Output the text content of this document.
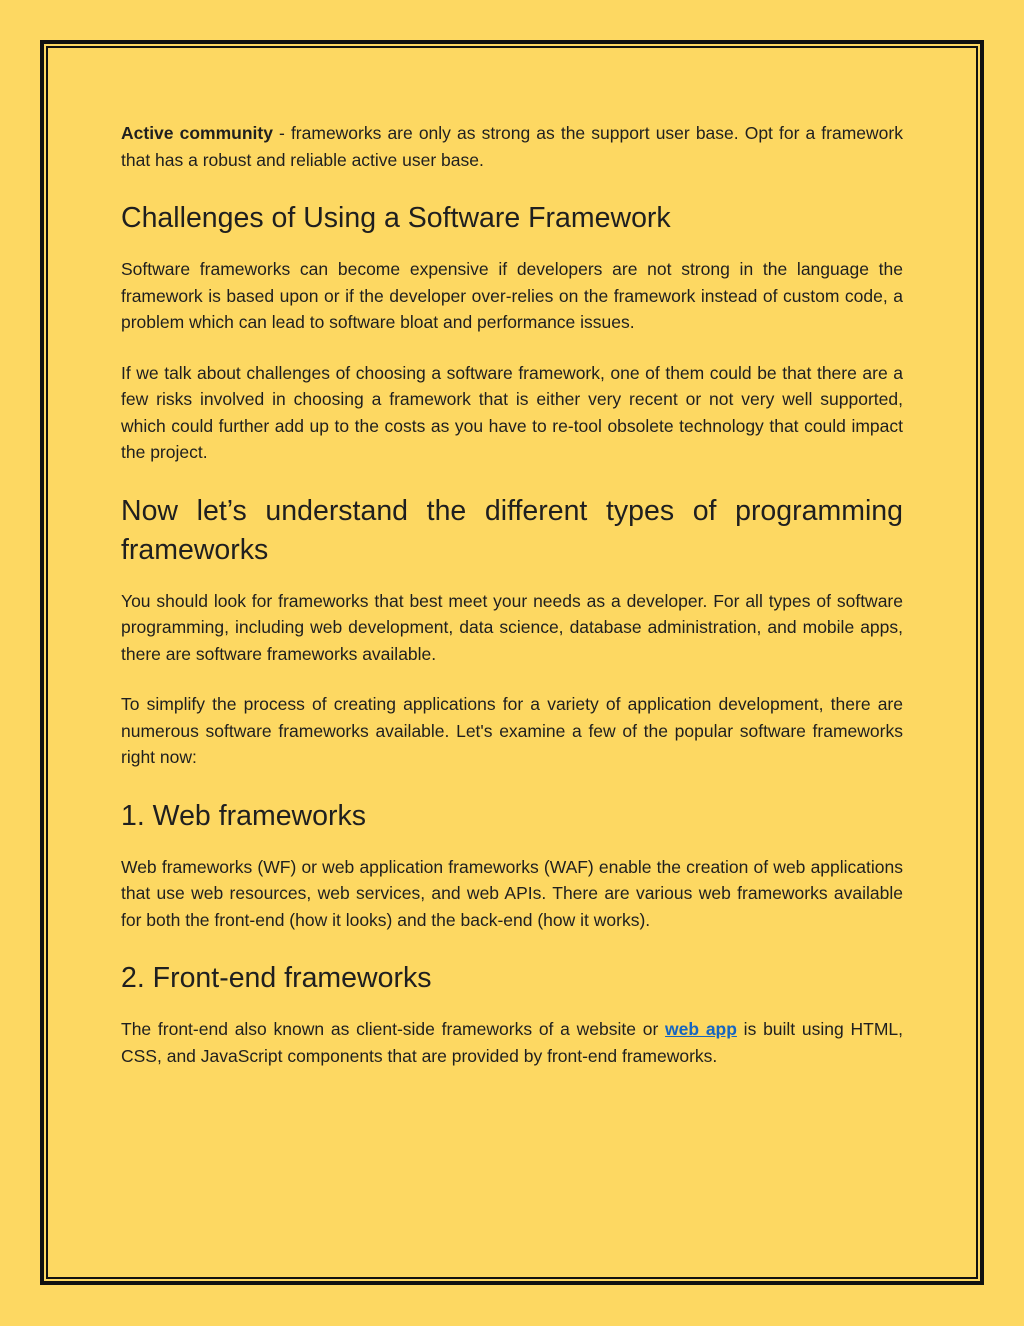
Active community - frameworks are only as strong as the support user base. Opt for a framework that has a robust and reliable active user base.

Challenges of Using a Software Framework

Software frameworks can become expensive if developers are not strong in the language the framework is based upon or if the developer over-relies on the framework instead of custom code, a problem which can lead to software bloat and performance issues.

If we talk about challenges of choosing a software framework, one of them could be that there are a few risks involved in choosing a framework that is either very recent or not very well supported, which could further add up to the costs as you have to re-tool obsolete technology that could impact the project.

Now let’s understand the different types of programming frameworks

You should look for frameworks that best meet your needs as a developer. For all types of software programming, including web development, data science, database administration, and mobile apps, there are software frameworks available.

To simplify the process of creating applications for a variety of application development, there are numerous software frameworks available. Let's examine a few of the popular software frameworks right now:

1. Web frameworks

Web frameworks (WF) or web application frameworks (WAF) enable the creation of web applications that use web resources, web services, and web APIs. There are various web frameworks available for both the front-end (how it looks) and the back-end (how it works).

2. Front-end frameworks

The front-end also known as client-side frameworks of a website or web app is built using HTML, CSS, and JavaScript components that are provided by front-end frameworks.
